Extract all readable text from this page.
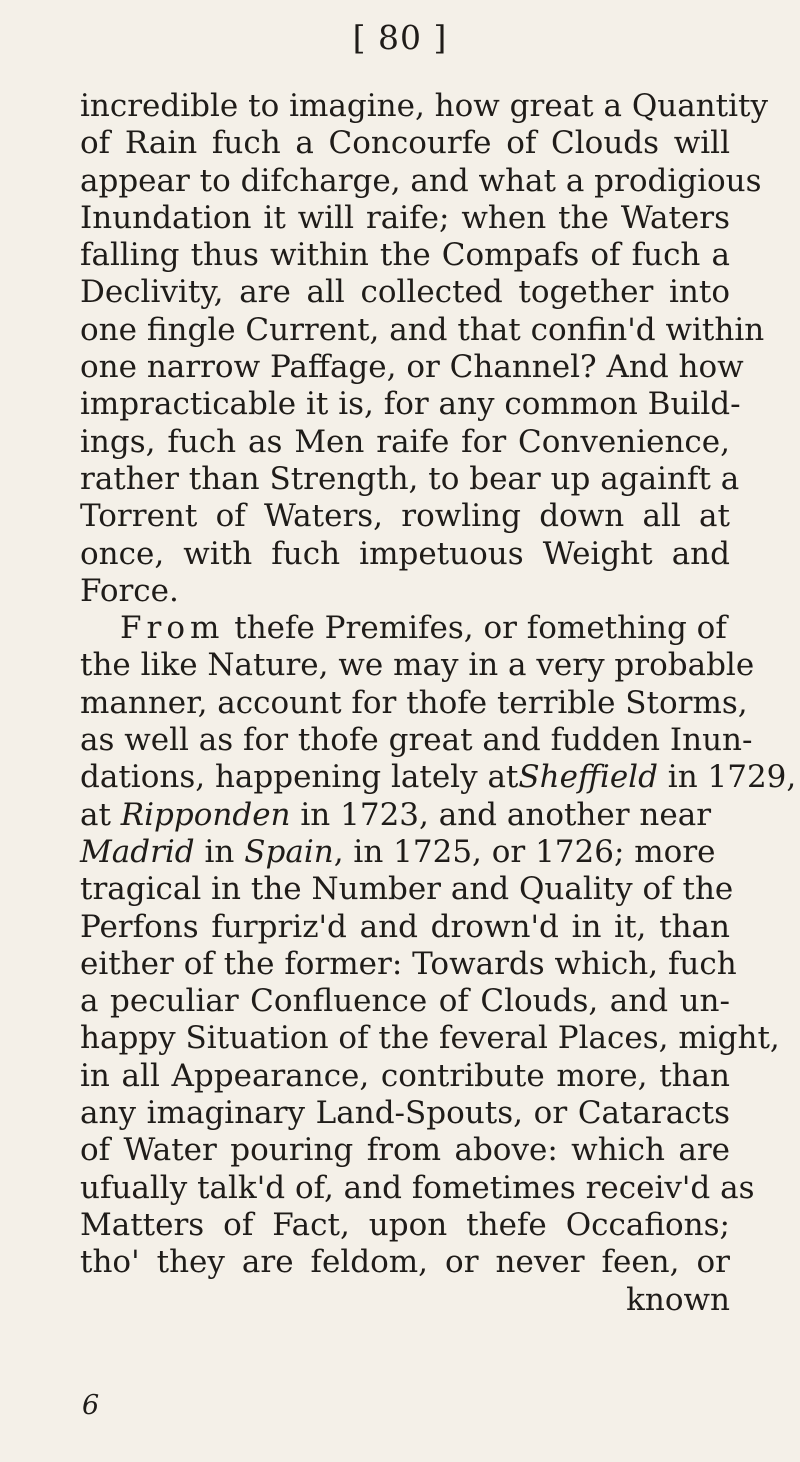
[ 80 ]
incredible to imagine, how great a Quantity
of Rain fuch a Concourfe of Clouds will
appear to difcharge, and what a prodigious
Inundation it will raife; when the Waters
falling thus within the Compafs of fuch a
Declivity, are all collected together into
one fingle Current, and that confin'd within
one narrow Paffage, or Channel? And how
impracticable it is, for any common Build-
ings, fuch as Men raife for Convenience,
rather than Strength, to bear up againft a
Torrent of Waters, rowling down all at
once, with fuch impetuous Weight and
Force.
From thefe Premifes, or fomething of
the like Nature, we may in a very probable
manner, account for thofe terrible Storms,
as well as for thofe great and fudden Inun-
dations, happening lately atSheffield in 1729,
at Ripponden in 1723, and another near
Madrid in Spain, in 1725, or 1726; more
tragical in the Number and Quality of the
Perfons furpriz'd and drown'd in it, than
either of the former: Towards which, fuch
a peculiar Confluence of Clouds, and un-
happy Situation of the feveral Places, might,
in all Appearance, contribute more, than
any imaginary Land-Spouts, or Cataracts
of Water pouring from above: which are
ufually talk'd of, and fometimes receiv'd as
Matters of Fact, upon thefe Occafions;
tho' they are feldom, or never feen, or
known
6
